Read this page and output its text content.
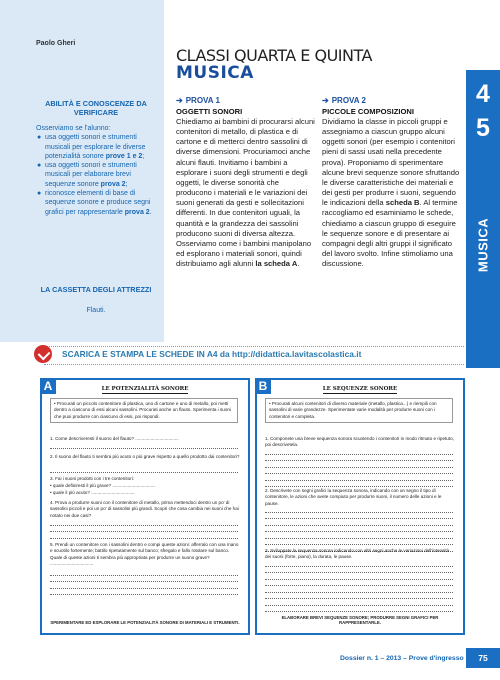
Paolo Gheri
ABILITÀ E CONOSCENZE DA VERIFICARE
Osserviamo se l'alunno:
● usa oggetti sonori e strumenti musicali per esplorare le diverse potenzialità sonore prove 1 e 2;
● usa oggetti sonori e strumenti musicali per elaborare brevi sequenze sonore prova 2;
● riconosce elementi di base di sequenze sonore e produce segni grafici per rappresentarle prova 2.
LA CASSETTA DEGLI ATTREZZI
Flauti.
CLASSI QUARTA E QUINTA
MUSICA
4
5
MUSICA
➔ PROVA 1
OGGETTI SONORI
Chiediamo ai bambini di procurarsi alcuni contenitori di metallo, di plastica e di cartone e di metterci dentro sassolini di diverse dimensioni. Procuriamoci anche alcuni flauti. Invitiamo i bambini a esplorare i suoni degli strumenti e degli oggetti, le diverse sonorità che producono i materiali e le variazioni dei suoni generati da gesti e sollecitazioni differenti. In due contenitori uguali, la quantità e la grandezza dei sassolini producono suoni di diversa altezza. Osserviamo come i bambini manipolano ed esplorano i materiali sonori, quindi distribuiamo agli alunni la scheda A.
➔ PROVA 2
PICCOLE COMPOSIZIONI
Dividiamo la classe in piccoli gruppi e assegniamo a ciascun gruppo alcuni oggetti sonori (per esempio i contenitori pieni di sassi usati nella precedente prova). Proponiamo di sperimentare alcune brevi sequenze sonore sfruttando le diverse caratteristiche dei materiali e dei gesti per produrre i suoni, seguendo le indicazioni della scheda B. Al termine raccogliamo ed esaminiamo le schede, chiediamo a ciascun gruppo di eseguire le sequenze sonore e di presentare ai compagni degli altri gruppi il significato del lavoro svolto. Infine stimoliamo una discussione.
SCARICA E STAMPA LE SCHEDE IN A4 da http://didattica.lavitascolastica.it
LE POTENZIALITÀ SONORE
• Procurati un piccolo contenitore di plastica, uno di cartone e uno di metallo, poi metti dentro a ciascuno di essi alcuni sassolini. Procurati anche un flauto. Sperimenta i suoni che puoi produrre con ciascuno di essi, poi rispondi.
1. Come descriveresti il suono del flauto? ..................................
2. Il suono del flauto ti sembra più acuto o più grave rispetto a quello prodotto dai contenitori?
3. Fai i suoni prodotti con i tre contenitori:
• quale definiresti il più grave? ..................................
• quale il più acuto? ..................................
4. Prova a produrre suoni con il contenitore di metallo, prima mettendoci dentro un po' di sassolini piccoli e poi un po' di sassolini più grandi. Scopri che cosa cambia nei suoni che hai notato nei due casi?
5. Prendi un contenitore con i sassolini dentro e compi queste azioni: afferralo con una mano e scuotilo fortemente; battilo ripetutamente sul banco; sfregalo e fallo rotolare sul banco. Quale di queste azioni ti sembra più appropriata per produrre un suono grave? ..................................
SPERIMENTARE ED ESPLORARE LE POTENZIALITÀ SONORE DI MATERIALI E STRUMENTI.
A	LE SEQUENZE SONORE
• Procurati alcuni contenitori di diverso materiale (metallo, plastica...) e riempili con sassolini di varie grandezze. Sperimentate varie modalità per produrre suoni con i contenitori e completa.
1. Componete una breve sequenza sonora scuotendo i contenitori in modo ritmato e ripetuto, poi descrivetela.
2. Descrivete con segni grafici la sequenza sonora, indicando con un segno il tipo di contenitore, le azioni che avete compiuto per produrre suoni, il numero delle azioni e le pause.
3. Sviluppate la sequenza sonora indicando con altri segni anche le variazioni dell'intensità dei suoni (forte, piano), la durata, le pause.
ELABORARE BREVI SEQUENZE SONORE; PRODURRE SEGNI GRAFICI PER RAPPRESENTARLE.
B
Dossier n. 1 – 2013 – Prove d'ingresso	75
